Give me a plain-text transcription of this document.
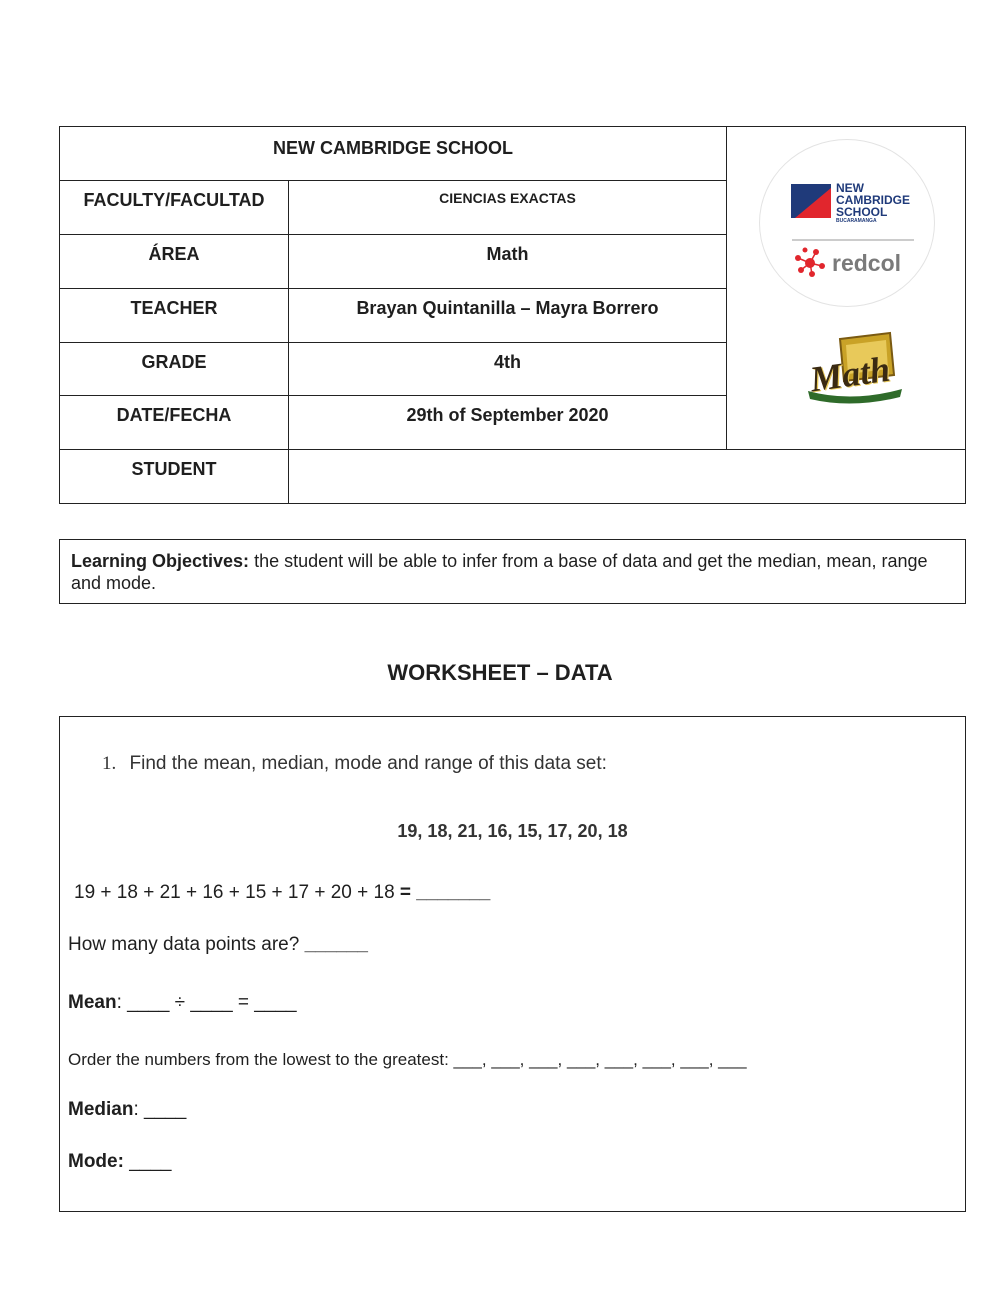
NEW CAMBRIDGE SCHOOL
FACULTY/FACULTAD	CIENCIAS EXACTAS
ÁREA	Math
TEACHER	Brayan Quintanilla – Mayra Borrero
GRADE	4th
DATE/FECHA	29th of September 2020
STUDENT
NEW
CAMBRIDGE
SCHOOL
BUCARAMANGA
redcol
Math
Learning Objectives: the student will be able to infer from a base of data and get the median, mean, range and mode.
WORKSHEET – DATA
1. Find the mean, median, mode and range of this data set:
19, 18, 21, 16, 15, 17, 20, 18
19 + 18 + 21 + 16 + 15 + 17 + 20 + 18 = _______
How many data points are? ______
Mean: ____ ÷ ____ = ____
Order the numbers from the lowest to the greatest: ___, ___, ___, ___, ___, ___, ___, ___
Median: ____
Mode: ____
